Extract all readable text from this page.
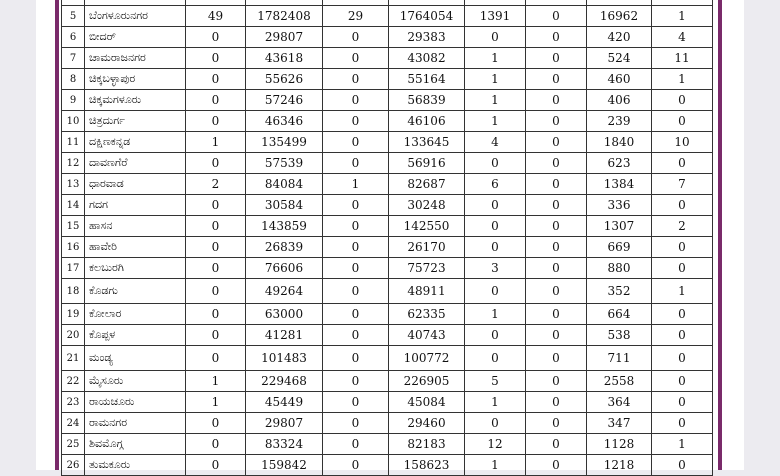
5	ಬೆಂಗಳೂರುನಗರ	49	1782408	29	1764054	1391	0	16962	1
6	ಬೀದರ್	0	29807	0	29383	0	0	420	4
7	ಚಾಮರಾಜನಗರ	0	43618	0	43082	1	0	524	11
8	ಚಿಕ್ಕಬಳ್ಳಾಪುರ	0	55626	0	55164	1	0	460	1
9	ಚಿಕ್ಕಮಗಳೂರು	0	57246	0	56839	1	0	406	0
10	ಚಿತ್ರದುರ್ಗ	0	46346	0	46106	1	0	239	0
11	ದಕ್ಷಿಣಕನ್ನಡ	1	135499	0	133645	4	0	1840	10
12	ದಾವಣಗೆರೆ	0	57539	0	56916	0	0	623	0
13	ಧಾರವಾಡ	2	84084	1	82687	6	0	1384	7
14	ಗದಗ	0	30584	0	30248	0	0	336	0
15	ಹಾಸನ	0	143859	0	142550	0	0	1307	2
16	ಹಾವೇರಿ	0	26839	0	26170	0	0	669	0
17	ಕಲಬುರಗಿ	0	76606	0	75723	3	0	880	0
18	ಕೊಡಗು	0	49264	0	48911	0	0	352	1
19	ಕೋಲಾರ	0	63000	0	62335	1	0	664	0
20	ಕೊಪ್ಪಳ	0	41281	0	40743	0	0	538	0
21	ಮಂಡ್ಯ	0	101483	0	100772	0	0	711	0
22	ಮೈಸೂರು	1	229468	0	226905	5	0	2558	0
23	ರಾಯಚೂರು	1	45449	0	45084	1	0	364	0
24	ರಾಮನಗರ	0	29807	0	29460	0	0	347	0
25	ಶಿವಮೊಗ್ಗ	0	83324	0	82183	12	0	1128	1
26	ತುಮಕೂರು	0	159842	0	158623	1	0	1218	0
